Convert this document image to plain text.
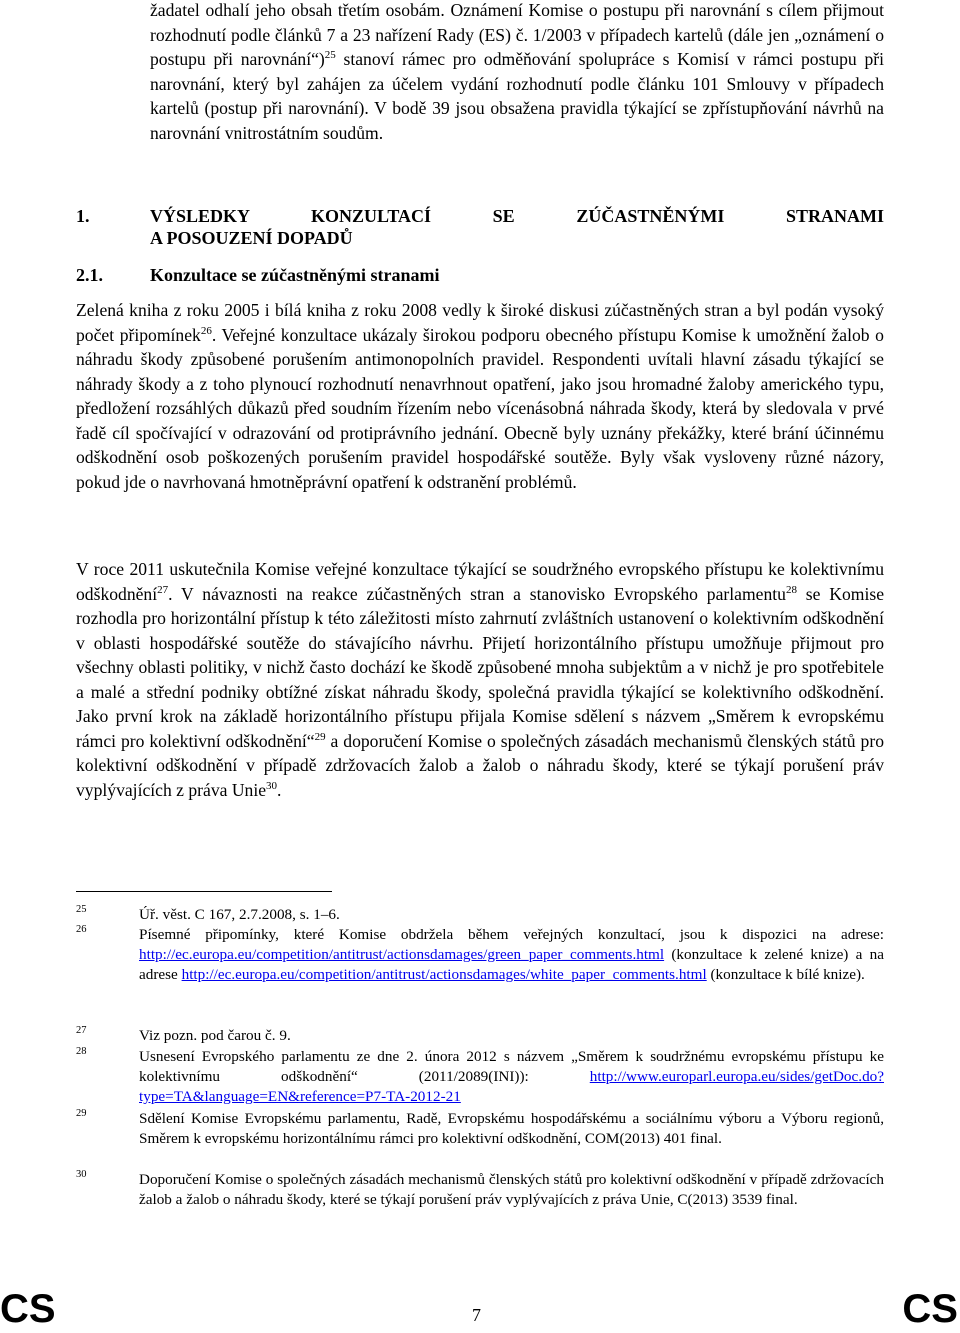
žadatel odhalí jeho obsah třetím osobám. Oznámení Komise o postupu při narovnání s cílem přijmout rozhodnutí podle článků 7 a 23 nařízení Rady (ES) č. 1/2003 v případech kartelů (dále jen „oznámení o postupu při narovnání“)$^{25}$ stanoví rámec pro odměňování spolupráce s Komisí v rámci postupu při narovnání, který byl zahájen za účelem vydání rozhodnutí podle článku 101 Smlouvy v případech kartelů (postup při narovnání). V bodě 39 jsou obsažena pravidla týkající se zpřístupňování návrhů na narovnání vnitrostátním soudům.

1.	VÝSLEDKY KONZULTACÍ SE ZÚČASTNĚNÝMI STRANAMI
A POSOUZENÍ DOPADŮ
2.1.	Konzultace se zúčastněnými stranami

Zelená kniha z roku 2005 i bílá kniha z roku 2008 vedly k široké diskusi zúčastněných stran a byl podán vysoký počet připomínek$^{26}$. Veřejné konzultace ukázaly širokou podporu obecného přístupu Komise k umožnění žalob o náhradu škody způsobené porušením antimonopolních pravidel. Respondenti uvítali hlavní zásadu týkající se náhrady škody a z toho plynoucí rozhodnutí nenavrhnout opatření, jako jsou hromadné žaloby amerického typu, předložení rozsáhlých důkazů před soudním řízením nebo vícenásobná náhrada škody, která by sledovala v prvé řadě cíl spočívající v odrazování od protiprávního jednání. Obecně byly uznány překážky, které brání účinnému odškodnění osob poškozených porušením pravidel hospodářské soutěže. Byly však vysloveny různé názory, pokud jde o navrhovaná hmotněprávní opatření k odstranění problémů.

V roce 2011 uskutečnila Komise veřejné konzultace týkající se soudržného evropského přístupu ke kolektivnímu odškodnění$^{27}$. V návaznosti na reakce zúčastněných stran a stanovisko Evropského parlamentu$^{28}$ se Komise rozhodla pro horizontální přístup k této záležitosti místo zahrnutí zvláštních ustanovení o kolektivním odškodnění v oblasti hospodářské soutěže do stávajícího návrhu. Přijetí horizontálního přístupu umožňuje přijmout pro všechny oblasti politiky, v nichž často dochází ke škodě způsobené mnoha subjektům a v nichž je pro spotřebitele a malé a střední podniky obtížné získat náhradu škody, společná pravidla týkající se kolektivního odškodnění. Jako první krok na základě horizontálního přístupu přijala Komise sdělení s názvem „Směrem k evropskému rámci pro kolektivní odškodnění“$^{29}$ a doporučení Komise o společných zásadách mechanismů členských států pro kolektivní odškodnění v případě zdržovacích žalob a žalob o náhradu škody, které se týkají porušení práv vyplývajících z práva Unie$^{30}$.

25	Úř. věst. C 167, 2.7.2008, s. 1–6.
26	Písemné připomínky, které Komise obdržela během veřejných konzultací, jsou k dispozici na adrese: http://ec.europa.eu/competition/antitrust/actionsdamages/green_paper_comments.html (konzultace k zelené knize) a na adrese http://ec.europa.eu/competition/antitrust/actionsdamages/white_paper_comments.html (konzultace k bílé knize).
27	Viz pozn. pod čarou č. 9.
28	Usnesení Evropského parlamentu ze dne 2. února 2012 s názvem „Směrem k soudržnému evropskému přístupu ke kolektivnímu odškodnění“ (2011/2089(INI)): http://www.europarl.europa.eu/sides/getDoc.do?type=TA&language=EN&reference=P7-TA-2012-21
29	Sdělení Komise Evropskému parlamentu, Radě, Evropskému hospodářskému a sociálnímu výboru a Výboru regionů, Směrem k evropskému horizontálnímu rámci pro kolektivní odškodnění, COM(2013) 401 final.
30	Doporučení Komise o společných zásadách mechanismů členských států pro kolektivní odškodnění v případě zdržovacích žalob a žalob o náhradu škody, které se týkají porušení práv vyplývajících z práva Unie, C(2013) 3539 final.
CS	7	CS
